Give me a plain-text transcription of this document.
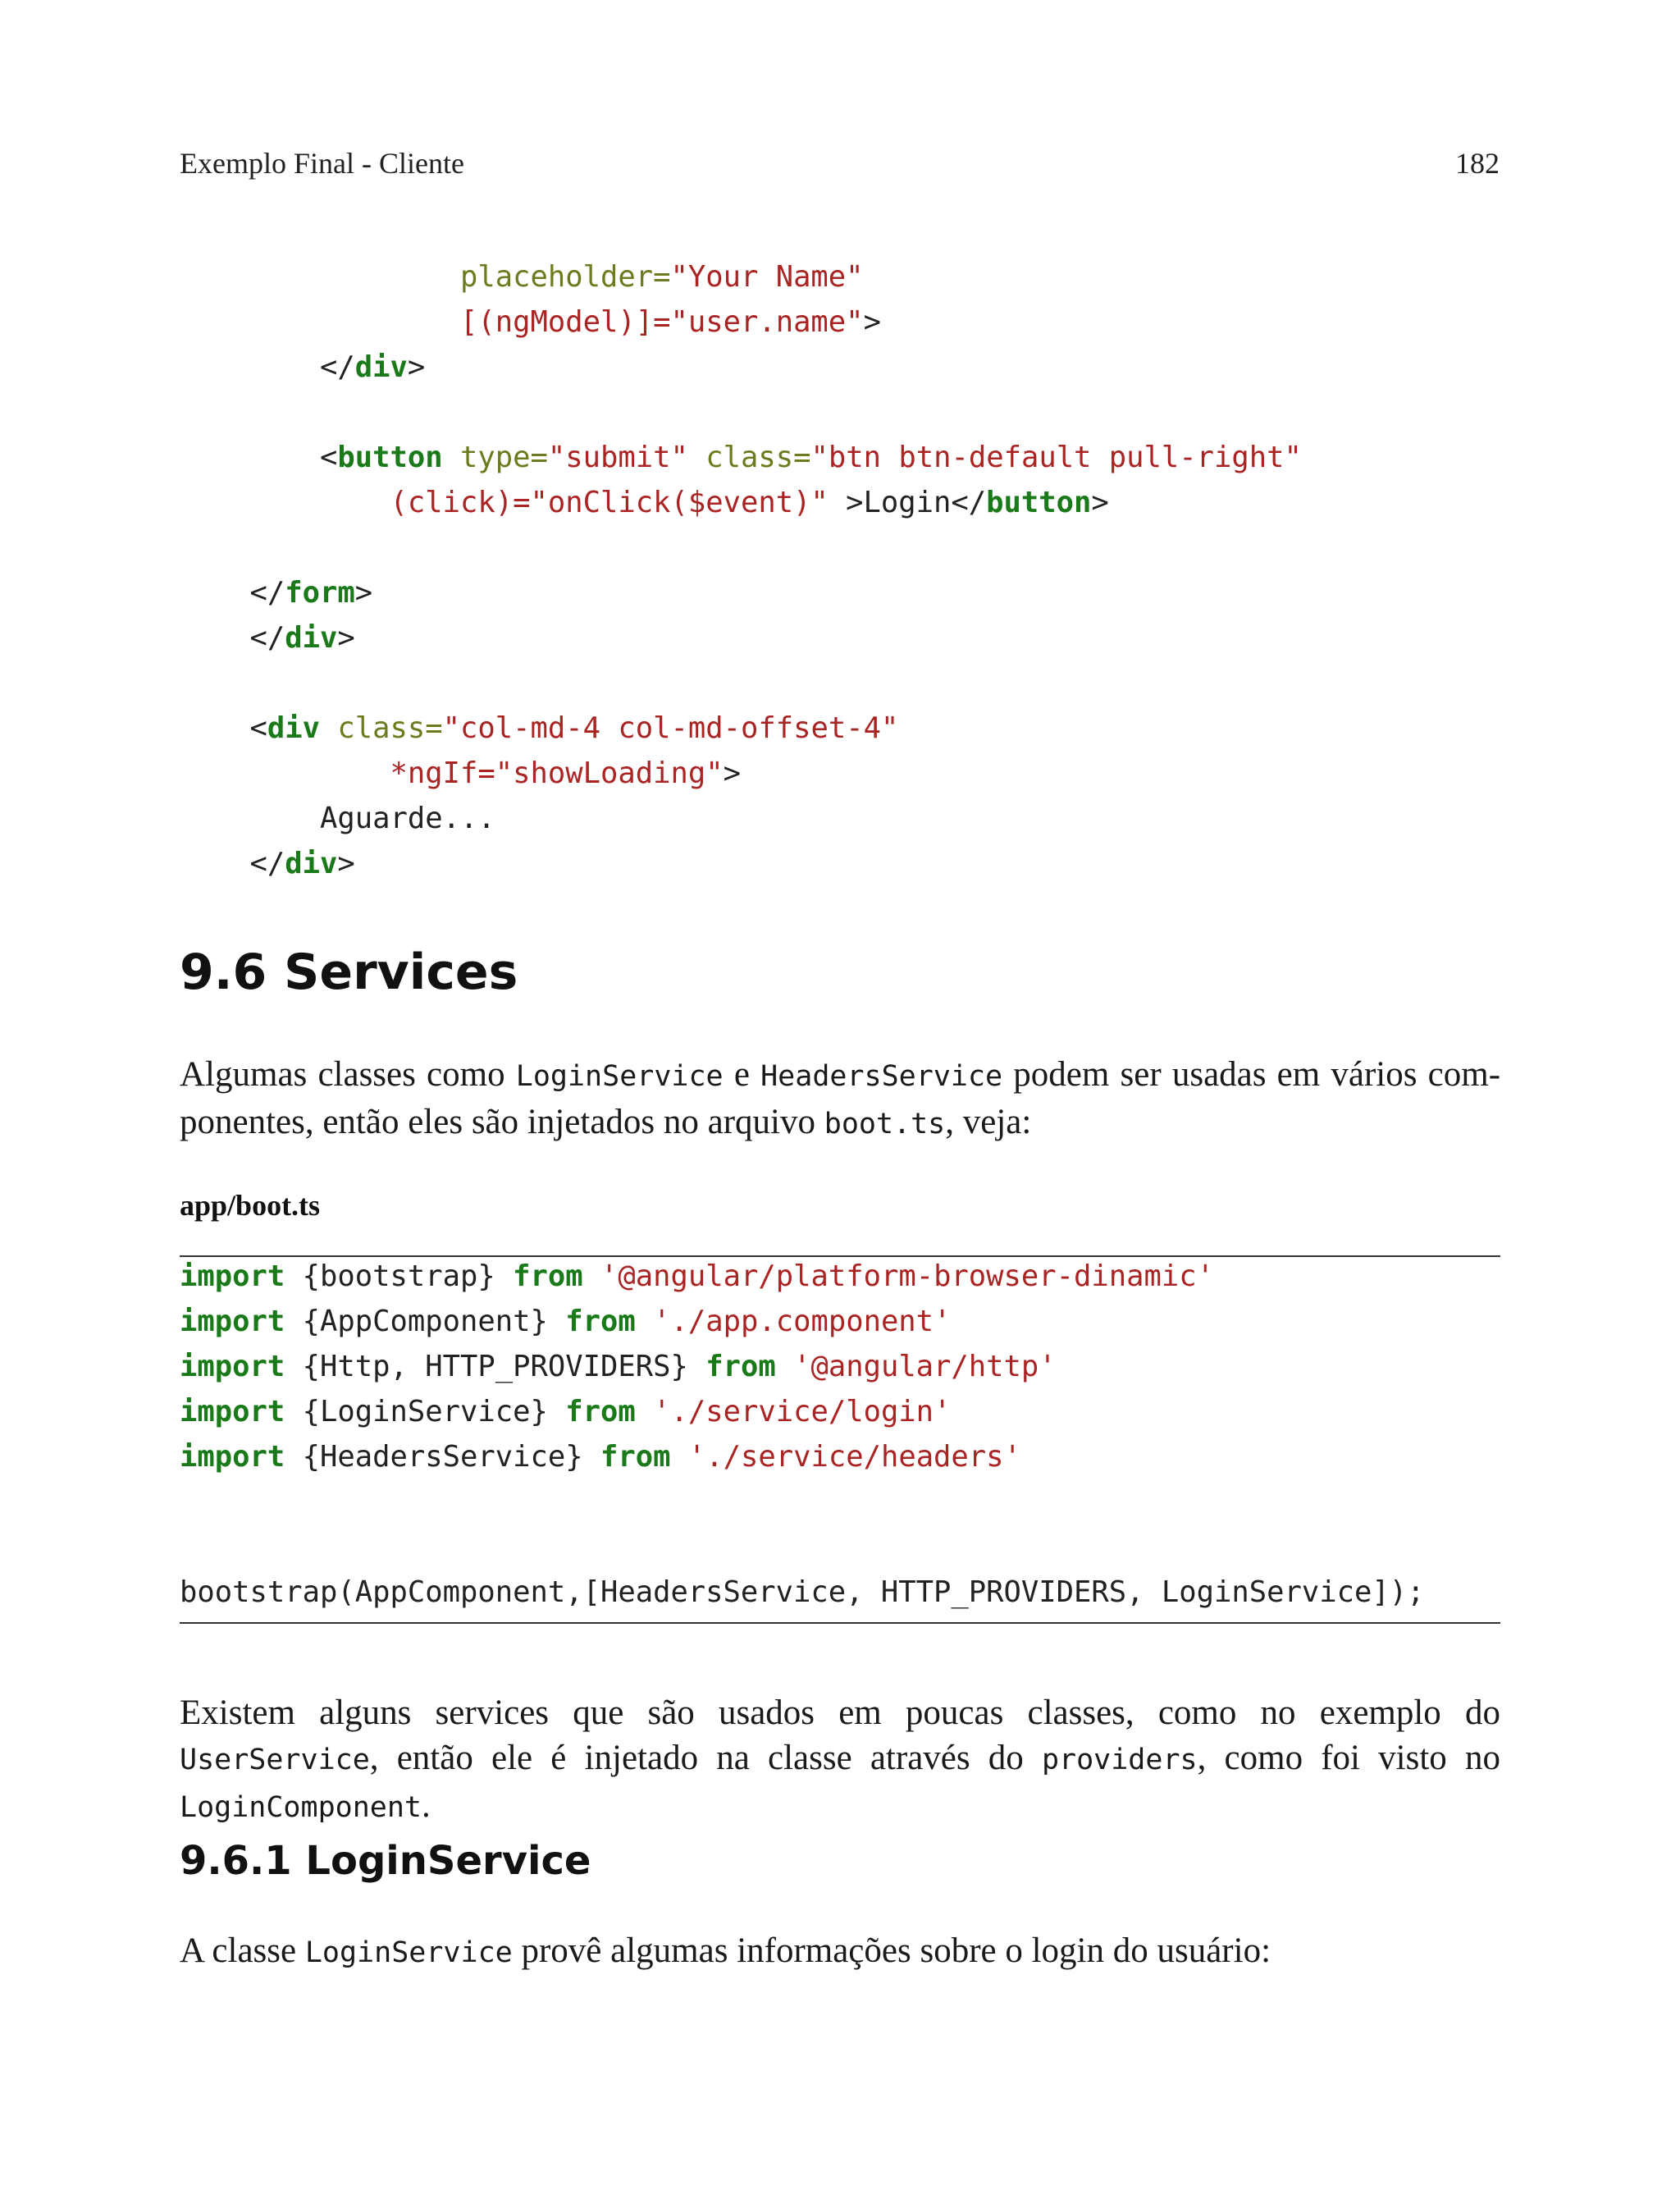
Exemplo Final - Cliente	182
placeholder="Your Name"
[(ngModel)]="user.name">
</div>

<button type="submit" class="btn btn-default pull-right"
(click)="onClick($event)" >Login</button>

</form>
</div>

<div class="col-md-4 col-md-offset-4"
*ngIf="showLoading">
Aguarde...
</div>
9.6 Services

Algumas classes como LoginService e HeadersService podem ser usadas em vários com-ponentes, então eles são injetados no arquivo boot.ts, veja:

app/boot.ts
import {bootstrap} from '@angular/platform-browser-dinamic'
import {AppComponent} from './app.component'
import {Http, HTTP_PROVIDERS} from '@angular/http'
import {LoginService} from './service/login'
import {HeadersService} from './service/headers'

bootstrap(AppComponent,[HeadersService, HTTP_PROVIDERS, LoginService]);

Existem alguns services que são usados em poucas classes, como no exemplo do UserService, então ele é injetado na classe através do providers, como foi visto no LoginComponent.

9.6.1 LoginService

A classe LoginService provê algumas informações sobre o login do usuário:
